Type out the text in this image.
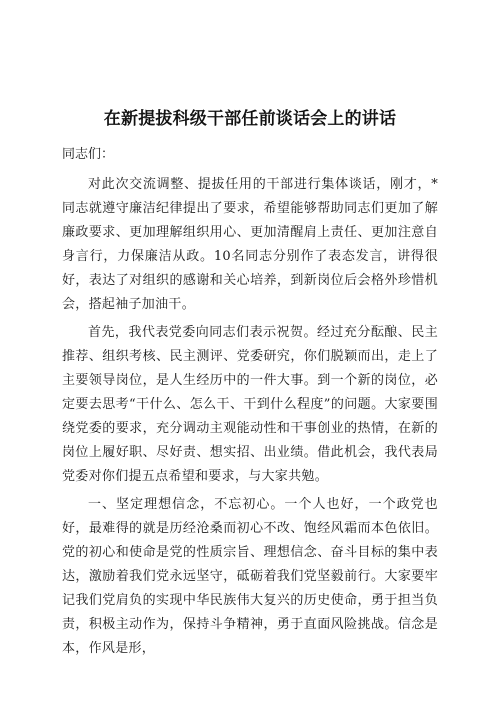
在新提拔科级干部任前谈话会上的讲话

同志们：

对此次交流调整、提拔任用的干部进行集体谈话，刚才，*同志就遵守廉洁纪律提出了要求，希望能够帮助同志们更加了解廉政要求、更加理解组织用心、更加清醒肩上责任、更加注意自身言行，力保廉洁从政。10名同志分别作了表态发言，讲得很好，表达了对组织的感谢和关心培养，到新岗位后会格外珍惜机会，搭起袖子加油干。

首先，我代表党委向同志们表示祝贺。经过充分酝酿、民主推荐、组织考核、民主测评、党委研究，你们脱颖而出，走上了主要领导岗位，是人生经历中的一件大事。到一个新的岗位，必定要去思考“干什么、怎么干、干到什么程度”的问题。大家要围绕党委的要求，充分调动主观能动性和干事创业的热情，在新的岗位上履好职、尽好责、想实招、出业绩。借此机会，我代表局党委对你们提五点希望和要求，与大家共勉。

一、坚定理想信念，不忘初心。一个人也好，一个政党也好，最难得的就是历经沧桑而初心不改、饱经风霜而本色依旧。党的初心和使命是党的性质宗旨、理想信念、奋斗目标的集中表达，激励着我们党永远坚守，砥砺着我们党坚毅前行。大家要牢记我们党肩负的实现中华民族伟大复兴的历史使命，勇于担当负责，积极主动作为，保持斗争精神，勇于直面风险挑战。信念是本，作风是形，
